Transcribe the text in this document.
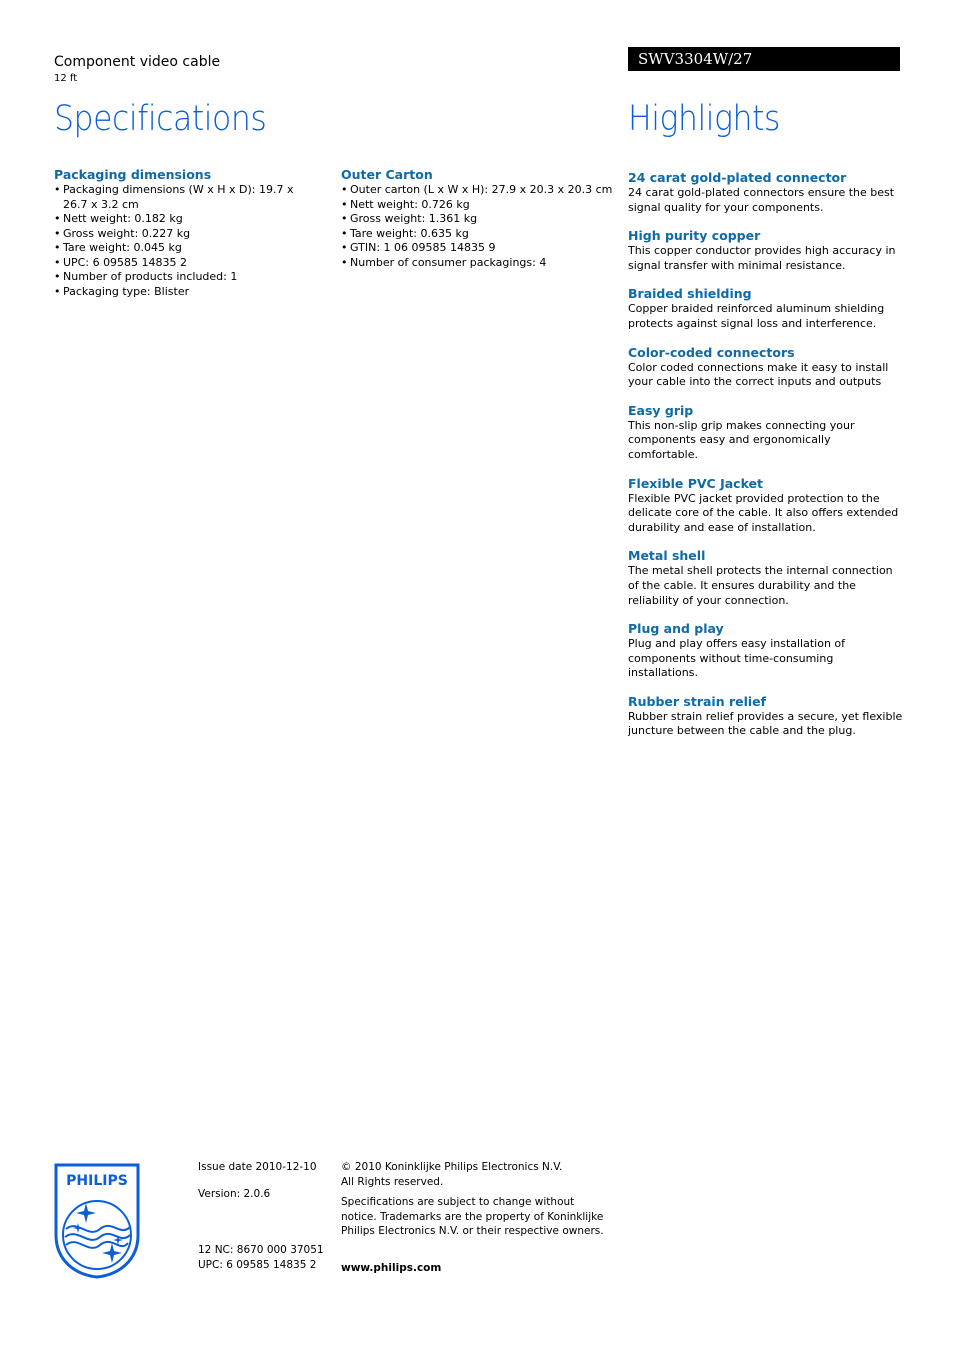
Component video cable
12 ft
Specifications
SWV3304W/27
Highlights
Packaging dimensions
• Packaging dimensions (W x H x D): 19.7 x 26.7 x 3.2 cm
• Nett weight: 0.182 kg
• Gross weight: 0.227 kg
• Tare weight: 0.045 kg
• UPC: 6 09585 14835 2
• Number of products included: 1
• Packaging type: Blister
Outer Carton
• Outer carton (L x W x H): 27.9 x 20.3 x 20.3 cm
• Nett weight: 0.726 kg
• Gross weight: 1.361 kg
• Tare weight: 0.635 kg
• GTIN: 1 06 09585 14835 9
• Number of consumer packagings: 4
24 carat gold-plated connector

24 carat gold-plated connectors ensure the best signal quality for your components.

High purity copper

This copper conductor provides high accuracy in signal transfer with minimal resistance.

Braided shielding

Copper braided reinforced aluminum shielding protects against signal loss and interference.

Color-coded connectors

Color coded connections make it easy to install your cable into the correct inputs and outputs

Easy grip

This non-slip grip makes connecting your components easy and ergonomically comfortable.

Flexible PVC Jacket

Flexible PVC jacket provided protection to the delicate core of the cable. It also offers extended durability and ease of installation.

Metal shell

The metal shell protects the internal connection of the cable. It ensures durability and the reliability of your connection.

Plug and play

Plug and play offers easy installation of components without time-consuming installations.

Rubber strain relief

Rubber strain relief provides a secure, yet flexible juncture between the cable and the plug.

PHILIPS

Issue date 2010-12-10

Version: 2.0.6

12 NC: 8670 000 37051
UPC: 6 09585 14835 2
© 2010 Koninklijke Philips Electronics N.V.
All Rights reserved.
Specifications are subject to change without notice. Trademarks are the property of Koninklijke Philips Electronics N.V. or their respective owners.
www.philips.com
